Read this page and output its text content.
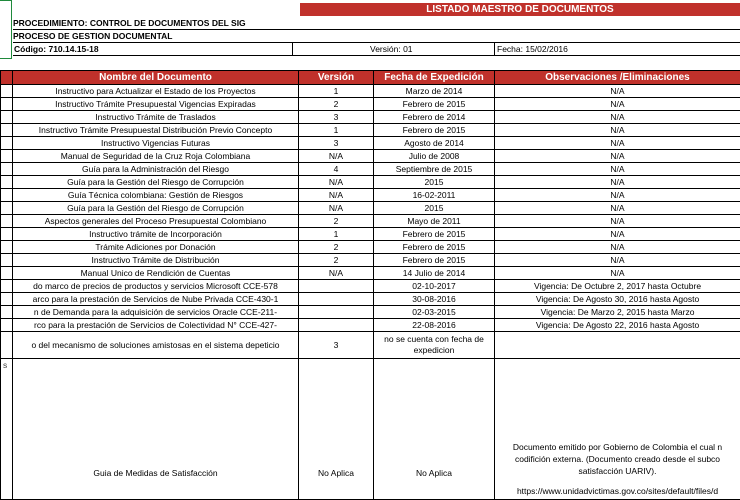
LISTADO MAESTRO DE DOCUMENTOS
PROCEDIMIENTO: CONTROL DE DOCUMENTOS DEL SIG
PROCESO DE GESTION DOCUMENTAL
Código: 710.14.15-18	Versión: 01	Fecha: 15/02/2016
	Nombre del Documento	Versión	Fecha de Expedición	Observaciones /Eliminaciones
	Instructivo para Actualizar el Estado de los Proyectos	1	Marzo de 2014	N/A
	Instructivo Trámite Presupuestal Vigencias Expiradas	2	Febrero de 2015	N/A
	Instructivo Trámite de Traslados	3	Febrero de 2014	N/A
	Instructivo Trámite Presupuestal Distribución Previo Concepto	1	Febrero de 2015	N/A
	Instructivo Vigencias Futuras	3	Agosto de 2014	N/A
	Manual de Seguridad de la Cruz Roja Colombiana	N/A	Julio de 2008	N/A
	Guía para la Administración del Riesgo	4	Septiembre de 2015	N/A
	Guía para la Gestión del Riesgo de Corrupción	N/A	2015	N/A
	Guía Técnica colombiana: Gestión de Riesgos	N/A	16-02-2011	N/A
	Guía para la Gestión del Riesgo de Corrupción	N/A	2015	N/A
	Aspectos generales del Proceso Presupuestal Colombiano	2	Mayo de 2011	N/A
	Instructivo trámite de Incorporación	1	Febrero de 2015	N/A
	Trámite Adiciones por Donación	2	Febrero de 2015	N/A
	Instructivo Trámite de Distribución	2	Febrero de 2015	N/A
	Manual Unico de Rendición de Cuentas	N/A	14 Julio de 2014	N/A
	do marco de precios de productos y servicios Microsoft CCE-578		02-10-2017	Vigencia: De Octubre 2, 2017 hasta Octubre
	arco para la prestación de Servicios de Nube Privada CCE-430-1		30-08-2016	Vigencia: De Agosto 30, 2016 hasta Agosto
	n de Demanda para la adquisición de servicios Oracle CCE-211-		02-03-2015	Vigencia: De Marzo 2, 2015 hasta Marzo
	rco para la prestación de Servicios de Colectividad N° CCE-427-		22-08-2016	Vigencia: De Agosto 22, 2016 hasta Agosto
	o del mecanismo de soluciones amistosas en el sistema depeticio	3	no se cuenta con fecha de expedicion	
s	Guia de Medidas de Satisfacción	No Aplica	No Aplica	Documento emitido por Gobierno de Colombia el cual n codifición externa. (Documento creado desde el subco satisfacción UARIV).
https://www.unidadvictimas.gov.co/sites/default/files/d
